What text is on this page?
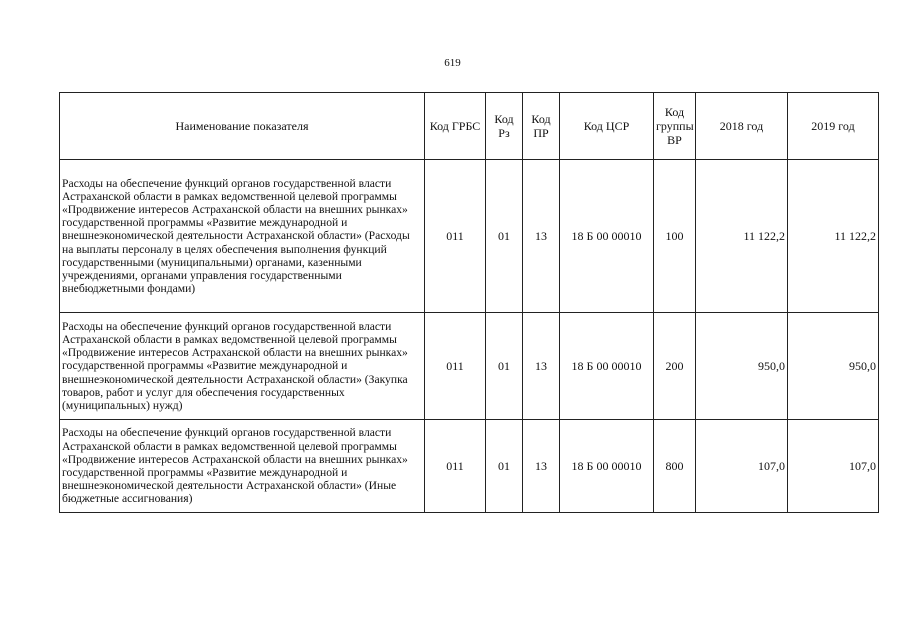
619
Наименование показателя	Код ГРБС	Код Рз	Код ПР	Код ЦСР	Код группы ВР	2018 год	2019 год
Расходы на обеспечение функций органов государственной власти Астраханской области в рамках ведомственной целевой программы «Продвижение интересов Астраханской области на внешних рынках» государственной программы «Развитие международной и внешнеэкономической деятельности Астраханской области» (Расходы на выплаты персоналу в целях обеспечения выполнения функций государственными (муниципальными) органами, казенными учреждениями, органами управления государственными внебюджетными фондами)	011	01	13	18 Б 00 00010	100	11 122,2	11 122,2
Расходы на обеспечение функций органов государственной власти Астраханской области в рамках ведомственной целевой программы «Продвижение интересов Астраханской области на внешних рынках» государственной программы «Развитие международной и внешнеэкономической деятельности Астраханской области» (Закупка товаров, работ и услуг для обеспечения государственных (муниципальных) нужд)	011	01	13	18 Б 00 00010	200	950,0	950,0
Расходы на обеспечение функций органов государственной власти Астраханской области в рамках ведомственной целевой программы «Продвижение интересов Астраханской области на внешних рынках» государственной программы «Развитие международной и внешнеэкономической деятельности Астраханской области» (Иные бюджетные ассигнования)	011	01	13	18 Б 00 00010	800	107,0	107,0
